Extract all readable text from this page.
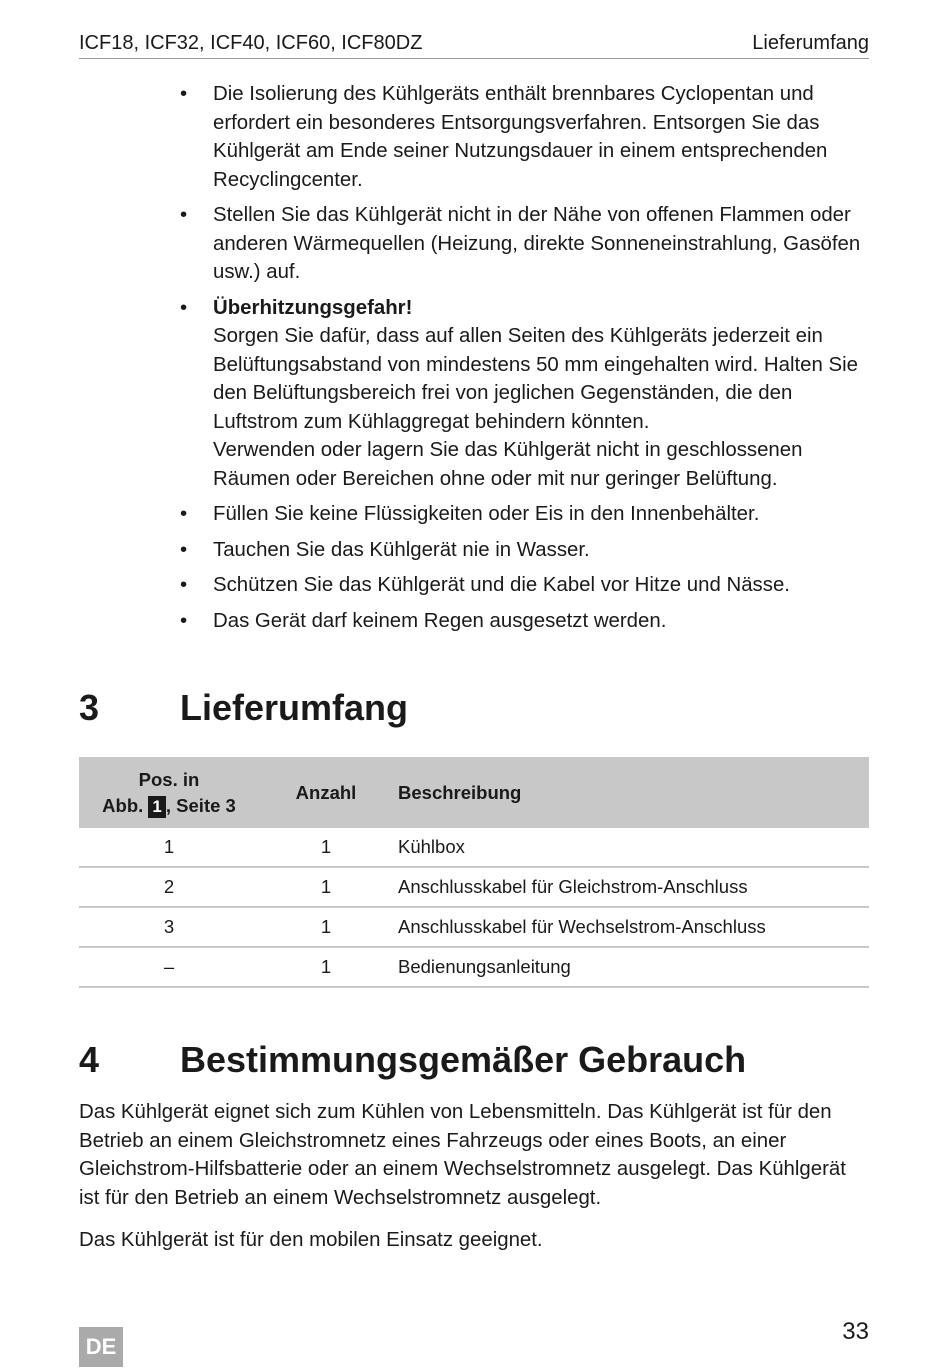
ICF18, ICF32, ICF40, ICF60, ICF80DZ	Lieferumfang
• Die Isolierung des Kühlgeräts enthält brennbares Cyclopentan und erfordert ein besonderes Entsorgungsverfahren. Entsorgen Sie das Kühlgerät am Ende seiner Nutzungsdauer in einem entsprechenden Recyclingcenter.

• Stellen Sie das Kühlgerät nicht in der Nähe von offenen Flammen oder anderen Wärmequellen (Heizung, direkte Sonneneinstrahlung, Gasöfen usw.) auf.

• Überhitzungsgefahr!

Sorgen Sie dafür, dass auf allen Seiten des Kühlgeräts jederzeit ein Belüftungsabstand von mindestens 50 mm eingehalten wird. Halten Sie den Belüftungsbereich frei von jeglichen Gegenständen, die den Luftstrom zum Kühlaggregat behindern könnten.

Verwenden oder lagern Sie das Kühlgerät nicht in geschlossenen Räumen oder Bereichen ohne oder mit nur geringer Belüftung.

• Füllen Sie keine Flüssigkeiten oder Eis in den Innenbehälter.

• Tauchen Sie das Kühlgerät nie in Wasser.

• Schützen Sie das Kühlgerät und die Kabel vor Hitze und Nässe.

• Das Gerät darf keinem Regen ausgesetzt werden.

3 Lieferumfang
Pos. in
Abb. 1 , Seite 3	Anzahl	Beschreibung
1	1	Kühlbox
2	1	Anschlusskabel für Gleichstrom-Anschluss
3	1	Anschlusskabel für Wechselstrom-Anschluss
–	1	Bedienungsanleitung
4 Bestimmungsgemäßer Gebrauch

Das Kühlgerät eignet sich zum Kühlen von Lebensmitteln. Das Kühlgerät ist für den Betrieb an einem Gleichstromnetz eines Fahrzeugs oder eines Boots, an einer Gleichstrom-Hilfsbatterie oder an einem Wechselstromnetz ausgelegt. Das Kühlgerät ist für den Betrieb an einem Wechselstromnetz ausgelegt.

Das Kühlgerät ist für den mobilen Einsatz geeignet.

33
DE
